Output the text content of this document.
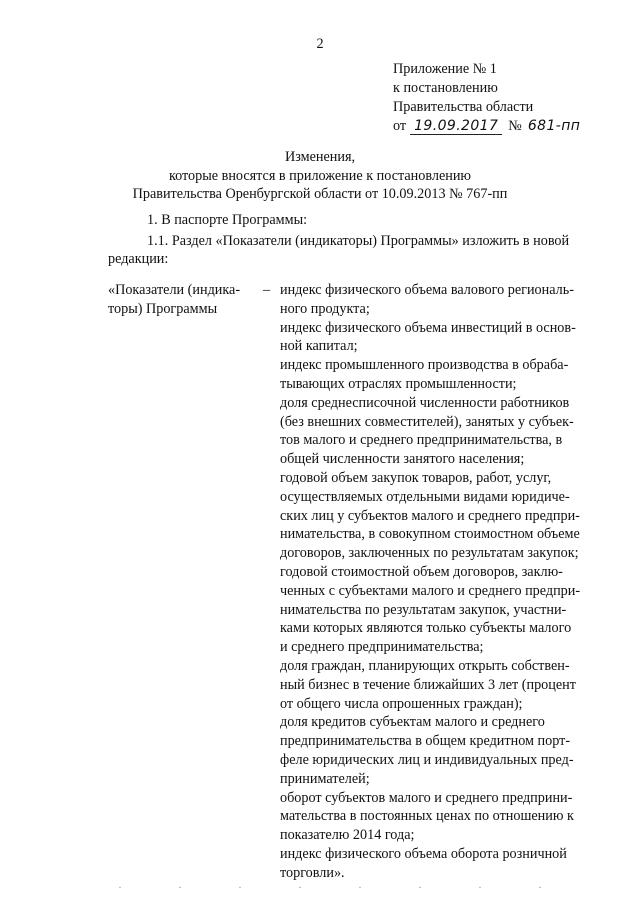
2
Приложение № 1
к постановлению
Правительства области
от 19.09.2017 № 681-пп
Изменения,
которые вносятся в приложение к постановлению
Правительства Оренбургской области от 10.09.2013 № 767-пп
1. В паспорте Программы:
1.1. Раздел «Показатели (индикаторы) Программы» изложить в новой
редакции:
«Показатели (индика-
торы) Программы
– индекс физического объема валового региональ-
ного продукта;
индекс физического объема инвестиций в основ-
ной капитал;
индекс промышленного производства в обраба-
тывающих отраслях промышленности;
доля среднесписочной численности работников
(без внешних совместителей), занятых у субъек-
тов малого и среднего предпринимательства, в
общей численности занятого населения;
годовой объем закупок товаров, работ, услуг,
осуществляемых отдельными видами юридиче-
ских лиц у субъектов малого и среднего предпри-
нимательства, в совокупном стоимостном объеме
договоров, заключенных по результатам закупок;
годовой стоимостной объем договоров, заклю-
ченных с субъектами малого и среднего предпри-
нимательства по результатам закупок, участни-
ками которых являются только субъекты малого
и среднего предпринимательства;
доля граждан, планирующих открыть собствен-
ный бизнес в течение ближайших 3 лет (процент
от общего числа опрошенных граждан);
доля кредитов субъектам малого и среднего
предпринимательства в общем кредитном порт-
феле юридических лиц и индивидуальных пред-
принимателей;
оборот субъектов малого и среднего предприни-
мательства в постоянных ценах по отношению к
показателю 2014 года;
индекс физического объема оборота розничной
торговли».
